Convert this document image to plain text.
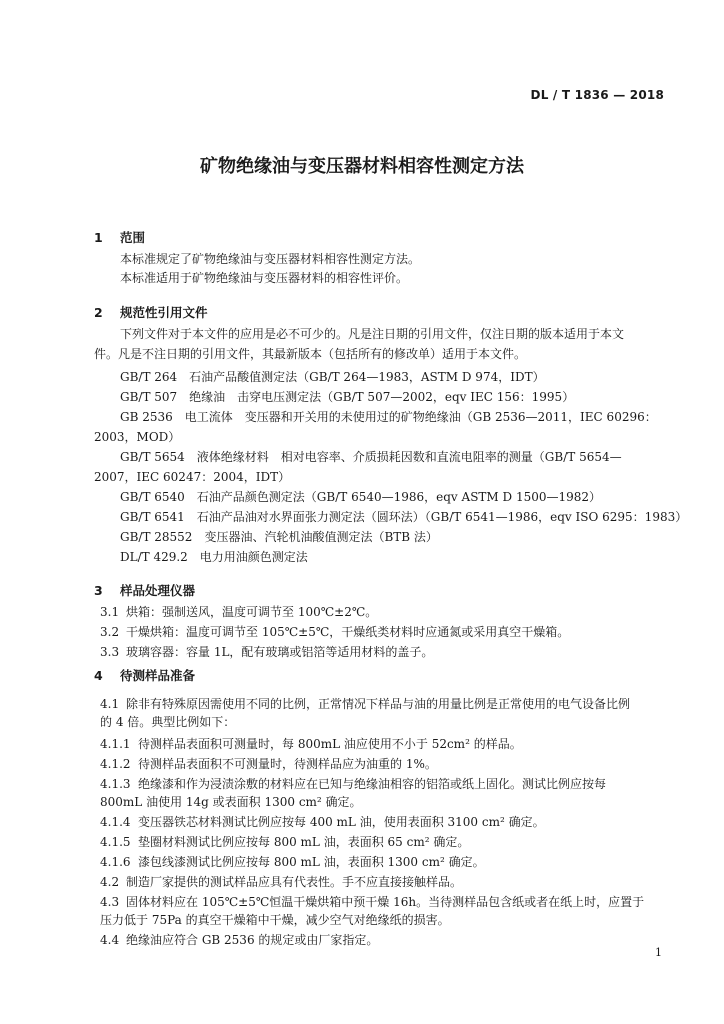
DL / T 1836 — 2018
矿物绝缘油与变压器材料相容性测定方法
1 范围
本标准规定了矿物绝缘油与变压器材料相容性测定方法。
本标准适用于矿物绝缘油与变压器材料的相容性评价。
2 规范性引用文件
下列文件对于本文件的应用是必不可少的。凡是注日期的引用文件，仅注日期的版本适用于本文
件。凡是不注日期的引用文件，其最新版本（包括所有的修改单）适用于本文件。
GB/T 264　石油产品酸值测定法（GB/T 264—1983，ASTM D 974，IDT）
GB/T 507　绝缘油　击穿电压测定法（GB/T 507—2002，eqv IEC 156：1995）
GB 2536　电工流体　变压器和开关用的未使用过的矿物绝缘油（GB 2536—2011，IEC 60296：
2003，MOD）
GB/T 5654　液体绝缘材料　相对电容率、介质损耗因数和直流电阻率的测量（GB/T 5654—
2007，IEC 60247：2004，IDT）
GB/T 6540　石油产品颜色测定法（GB/T 6540—1986，eqv ASTM D 1500—1982）
GB/T 6541　石油产品油对水界面张力测定法（圆环法）（GB/T 6541—1986，eqv ISO 6295：1983）
GB/T 28552　变压器油、汽轮机油酸值测定法（BTB 法）
DL/T 429.2　电力用油颜色测定法
3 样品处理仪器
3.1 烘箱：强制送风，温度可调节至 100℃±2℃。
3.2 干燥烘箱：温度可调节至 105℃±5℃，干燥纸类材料时应通氮或采用真空干燥箱。
3.3 玻璃容器：容量 1L，配有玻璃或铝箔等适用材料的盖子。
4 待测样品准备
4.1 除非有特殊原因需使用不同的比例，正常情况下样品与油的用量比例是正常使用的电气设备比例
的 4 倍。典型比例如下：
4.1.1 待测样品表面积可测量时，每 800mL 油应使用不小于 52cm² 的样品。
4.1.2 待测样品表面积不可测量时，待测样品应为油重的 1%。
4.1.3 绝缘漆和作为浸渍涂敷的材料应在已知与绝缘油相容的铝箔或纸上固化。测试比例应按每
800mL 油使用 14g 或表面积 1300 cm² 确定。
4.1.4 变压器铁芯材料测试比例应按每 400 mL 油，使用表面积 3100 cm² 确定。
4.1.5 垫圈材料测试比例应按每 800 mL 油，表面积 65 cm² 确定。
4.1.6 漆包线漆测试比例应按每 800 mL 油，表面积 1300 cm² 确定。
4.2 制造厂家提供的测试样品应具有代表性。手不应直接接触样品。
4.3 固体材料应在 105℃±5℃恒温干燥烘箱中预干燥 16h。当待测样品包含纸或者在纸上时，应置于
压力低于 75Pa 的真空干燥箱中干燥，减少空气对绝缘纸的损害。
4.4 绝缘油应符合 GB 2536 的规定或由厂家指定。
1
